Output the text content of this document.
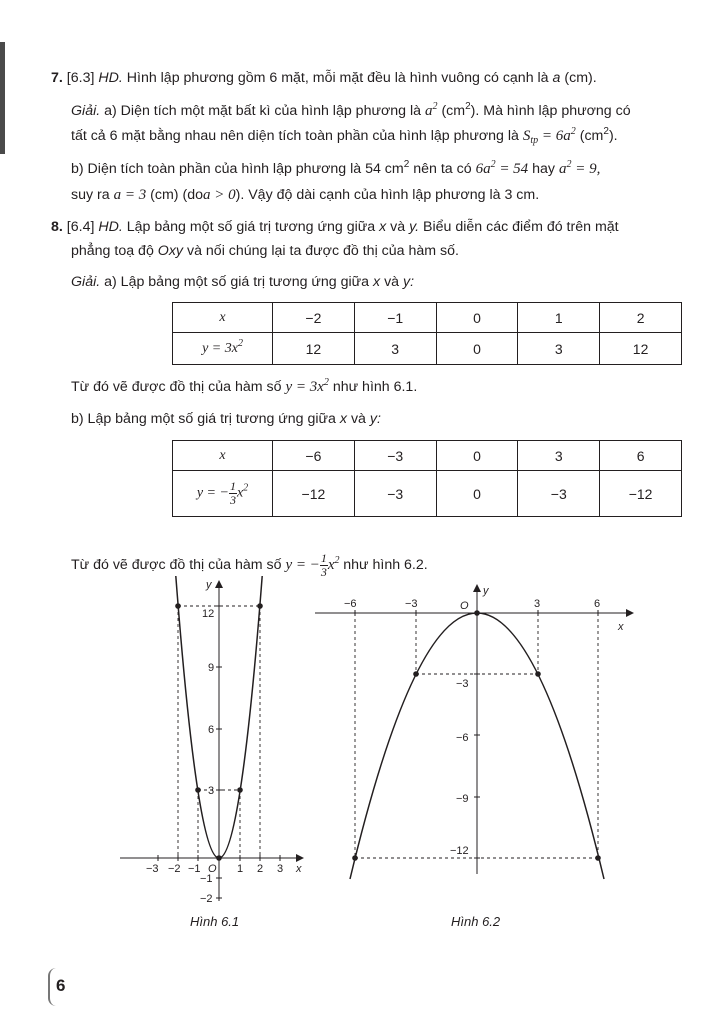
7. [6.3] HD. Hình lập phương gồm 6 mặt, mỗi mặt đều là hình vuông có cạnh là a (cm).
Giải. a) Diện tích một mặt bất kì của hình lập phương là $a^2$ $(cm^2)$. Mà hình lập phương có
tất cả 6 mặt bằng nhau nên diện tích toàn phần của hình lập phương là $S_{tp} = 6a^2$ $(cm^2)$.
b) Diện tích toàn phần của hình lập phương là 54 $cm^2$ nên ta có $6a^2 = 54$ hay $a^2 = 9$,
suy ra a = 3 (cm) (doa > 0). Vậy độ dài cạnh của hình lập phương là 3 cm.
8. [6.4] HD. Lập bảng một số giá trị tương ứng giữa x và y. Biểu diễn các điểm đó trên mặt
phẳng toạ độ Oxy và nối chúng lại ta được đồ thị của hàm số.
Giải. a) Lập bảng một số giá trị tương ứng giữa x và y:
x	−2	−1	0	1	2
$y = 3x^2$	12	3	0	3	12
Từ đó vẽ được đồ thị của hàm số $y = 3x^2$ như hình 6.1.
b) Lập bảng một số giá trị tương ứng giữa x và y:
x	−6	−3	0	3	6
y = − $\frac{1}{3} x^2$	−12	−3	0	−3	−12
Từ đó vẽ được đồ thị của hàm số y = − $\frac{1}{3} x^2$ như hình 6.2.
y
x
O
12
9
6
3
−1
−2
−3 −2 −1	1 2 3
y
x
O
−6	−3	3	6
−3
−6
−9
−12
Hình 6.1	Hình 6.2
6
